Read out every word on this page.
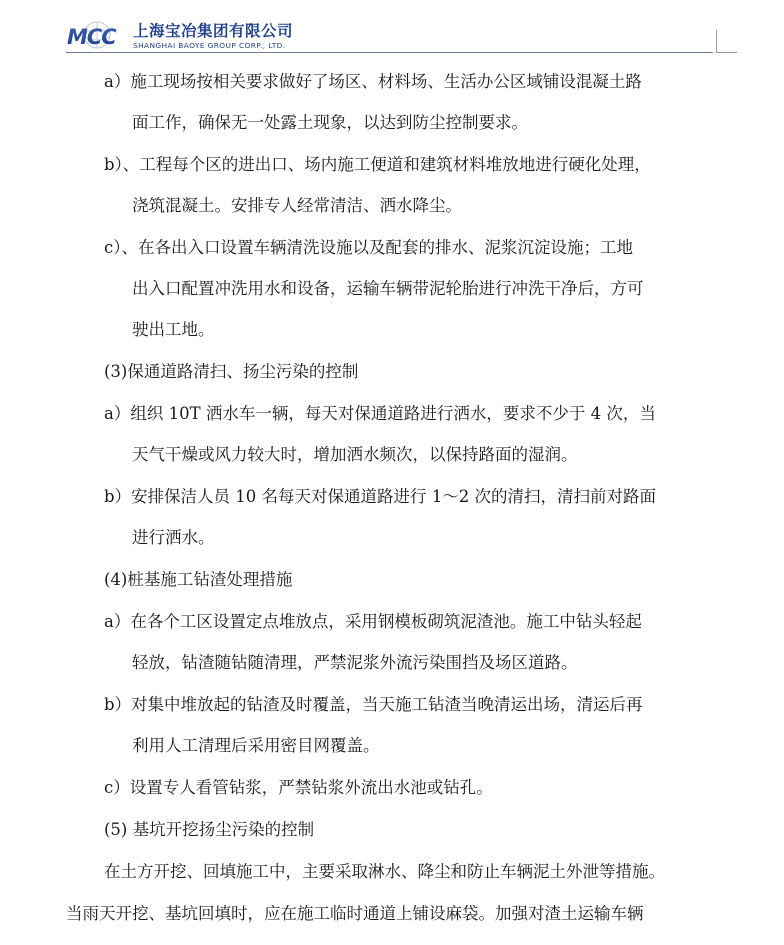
MCC 上海宝冶集团有限公司
SHANGHAI BAOYE GROUP CORP., LTD.
a）施工现场按相关要求做好了场区、材料场、生活办公区域铺设混凝土路
面工作，确保无一处露土现象，以达到防尘控制要求。
b）、工程每个区的进出口、场内施工便道和建筑材料堆放地进行硬化处理，
浇筑混凝土。安排专人经常清洁、洒水降尘。
c）、在各出入口设置车辆清洗设施以及配套的排水、泥浆沉淀设施；工地
出入口配置冲洗用水和设备，运输车辆带泥轮胎进行冲洗干净后，方可
驶出工地。
(3)保通道路清扫、扬尘污染的控制
a）组织 10T 洒水车一辆，每天对保通道路进行洒水，要求不少于 4 次，当
天气干燥或风力较大时，增加洒水频次，以保持路面的湿润。
b）安排保洁人员 10 名每天对保通道路进行 1～2 次的清扫，清扫前对路面
进行洒水。
(4)桩基施工钻渣处理措施
a）在各个工区设置定点堆放点，采用钢模板砌筑泥渣池。施工中钻头轻起
轻放，钻渣随钻随清理，严禁泥浆外流污染围挡及场区道路。
b）对集中堆放起的钻渣及时覆盖，当天施工钻渣当晚清运出场，清运后再
利用人工清理后采用密目网覆盖。
c）设置专人看管钻浆，严禁钻浆外流出水池或钻孔。
(5) 基坑开挖扬尘污染的控制
在土方开挖、回填施工中，主要采取淋水、降尘和防止车辆泥土外泄等措施。
当雨天开挖、基坑回填时，应在施工临时通道上铺设麻袋。加强对渣土运输车辆
